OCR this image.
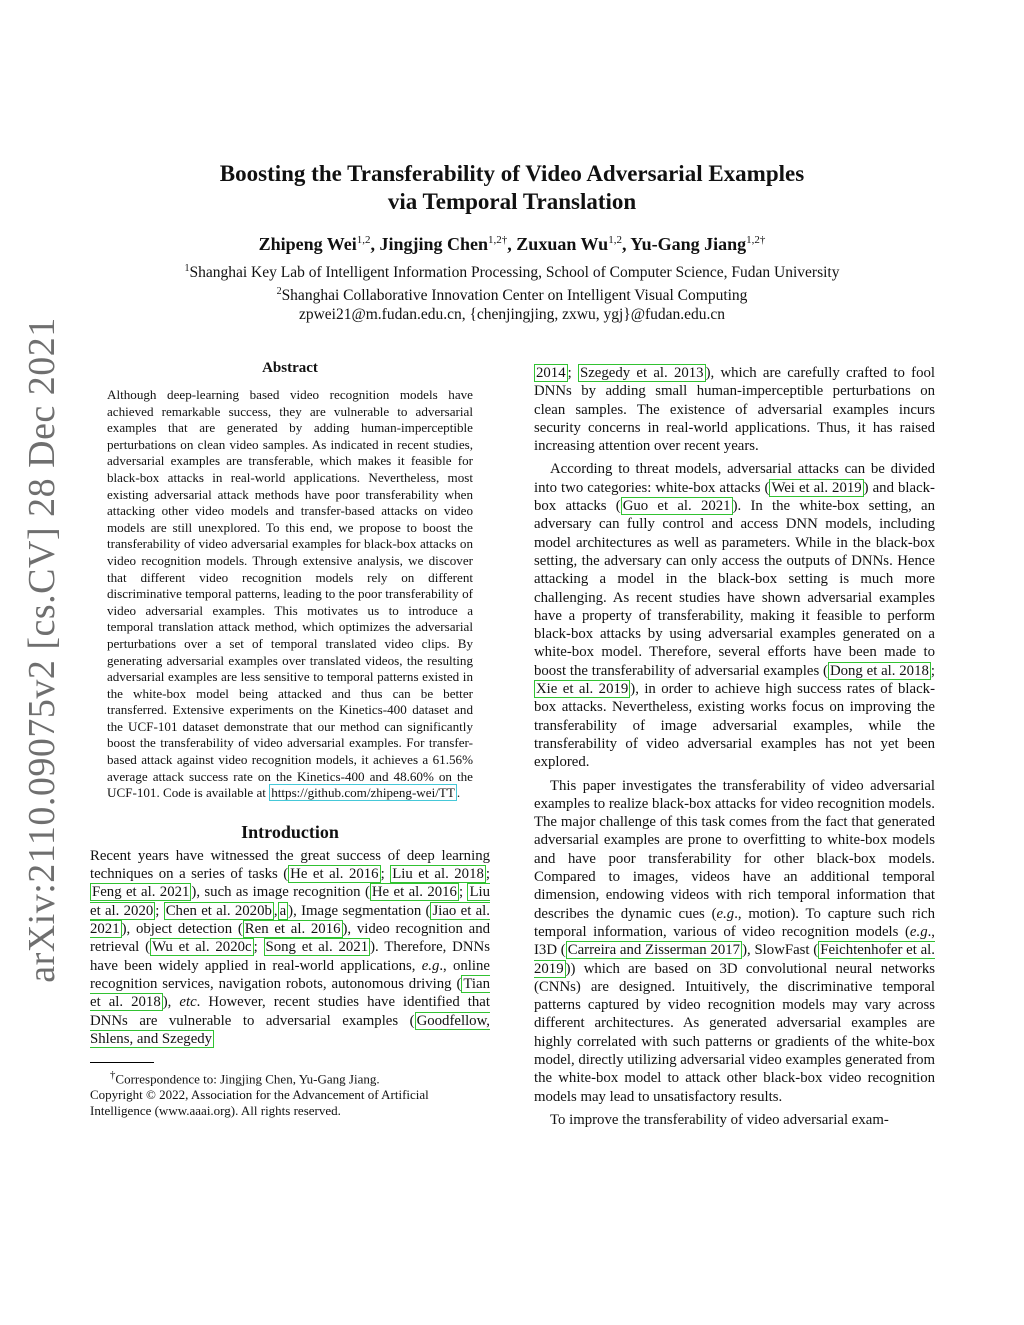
arXiv:2110.09075v2 [cs.CV] 28 Dec 2021
Boosting the Transferability of Video Adversarial Examples
via Temporal Translation
Zhipeng Wei$^{1,2}$, Jingjing Chen$^{1,2\dagger}$, Zuxuan Wu$^{1,2}$, Yu-Gang Jiang$^{1,2\dagger}$
$^1$Shanghai Key Lab of Intelligent Information Processing, School of Computer Science, Fudan University
$^2$Shanghai Collaborative Innovation Center on Intelligent Visual Computing
zpwei21@m.fudan.edu.cn, {chenjingjing, zxwu, ygj}@fudan.edu.cn
Abstract
Although deep-learning based video recognition models have achieved remarkable success, they are vulnerable to adversarial examples that are generated by adding human-imperceptible perturbations on clean video samples. As indicated in recent studies, adversarial examples are transferable, which makes it feasible for black-box attacks in real-world applications. Nevertheless, most existing adversarial attack methods have poor transferability when attacking other video models and transfer-based attacks on video models are still unexplored. To this end, we propose to boost the transferability of video adversarial examples for black-box attacks on video recognition models. Through extensive analysis, we discover that different video recognition models rely on different discriminative temporal patterns, leading to the poor transferability of video adversarial examples. This motivates us to introduce a temporal translation attack method, which optimizes the adversarial perturbations over a set of temporal translated video clips. By generating adversarial examples over translated videos, the resulting adversarial examples are less sensitive to temporal patterns existed in the white-box model being attacked and thus can be better transferred. Extensive experiments on the Kinetics-400 dataset and the UCF-101 dataset demonstrate that our method can significantly boost the transferability of video adversarial examples. For transfer-based attack against video recognition models, it achieves a 61.56% average attack success rate on the Kinetics-400 and 48.60% on the UCF-101. Code is available at https://github.com/zhipeng-wei/TT .
Introduction
Recent years have witnessed the great success of deep learning techniques on a series of tasks ( He et al. 2016 ; Liu et al. 2018 ; Feng et al. 2021 ), such as image recognition ( He et al. 2016 ; Liu et al. 2020 ; Chen et al. 2020b , a ), Image segmentation ( Jiao et al. 2021 ), object detection ( Ren et al. 2016 ), video recognition and retrieval ( Wu et al. 2020c ; Song et al. 2021 ). Therefore, DNNs have been widely applied in real-world applications, e.g., online recognition services, navigation robots, autonomous driving ( Tian et al. 2018 ), etc. However, recent studies have identified that DNNs are vulnerable to adversarial examples ( Goodfellow, Shlens, and Szegedy
†Correspondence to: Jingjing Chen, Yu-Gang Jiang.
Copyright © 2022, Association for the Advancement of Artificial Intelligence (www.aaai.org). All rights reserved.
2014 ; Szegedy et al. 2013 ), which are carefully crafted to fool DNNs by adding small human-imperceptible perturbations on clean samples. The existence of adversarial examples incurs security concerns in real-world applications. Thus, it has raised increasing attention over recent years.
According to threat models, adversarial attacks can be divided into two categories: white-box attacks ( Wei et al. 2019 ) and black-box attacks ( Guo et al. 2021 ). In the white-box setting, an adversary can fully control and access DNN models, including model architectures as well as parameters. While in the black-box setting, the adversary can only access the outputs of DNNs. Hence attacking a model in the black-box setting is much more challenging. As recent studies have shown adversarial examples have a property of transferability, making it feasible to perform black-box attacks by using adversarial examples generated on a white-box model. Therefore, several efforts have been made to boost the transferability of adversarial examples ( Dong et al. 2018 ; Xie et al. 2019 ), in order to achieve high success rates of black-box attacks. Nevertheless, existing works focus on improving the transferability of image adversarial examples, while the transferability of video adversarial examples has not yet been explored.
This paper investigates the transferability of video adversarial examples to realize black-box attacks for video recognition models. The major challenge of this task comes from the fact that generated adversarial examples are prone to overfitting to white-box models and have poor transferability for other black-box models. Compared to images, videos have an additional temporal dimension, endowing videos with rich temporal information that describes the dynamic cues (e.g., motion). To capture such rich temporal information, various of video recognition models (e.g., I3D ( Carreira and Zisserman 2017 ), SlowFast ( Feichtenhofer et al. 2019 )) which are based on 3D convolutional neural networks (CNNs) are designed. Intuitively, the discriminative temporal patterns captured by video recognition models may vary across different architectures. As generated adversarial examples are highly correlated with such patterns or gradients of the white-box model, directly utilizing adversarial video examples generated from the white-box model to attack other black-box video recognition models may lead to unsatisfactory results.
To improve the transferability of video adversarial exam-
